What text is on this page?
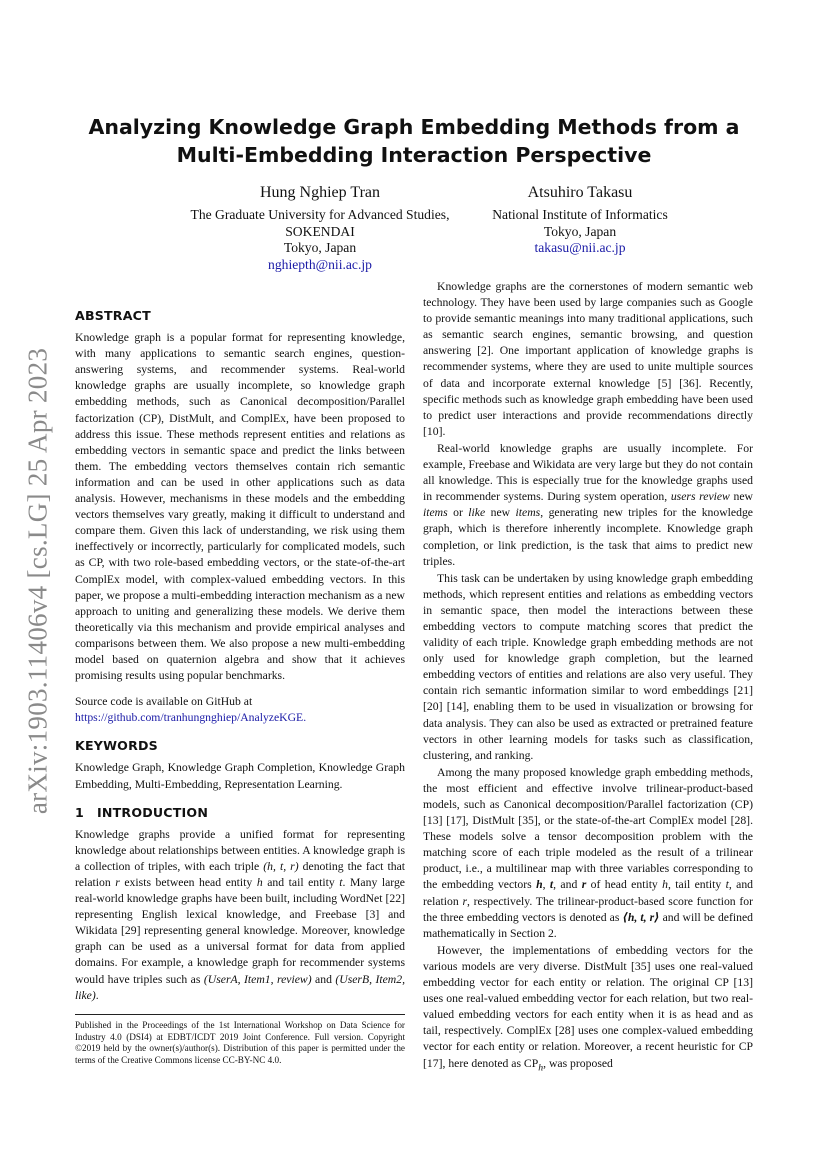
arXiv:1903.11406v4 [cs.LG] 25 Apr 2023
Analyzing Knowledge Graph Embedding Methods from a
Multi-Embedding Interaction Perspective
Hung Nghiep Tran
The Graduate University for Advanced Studies,
SOKENDAI
Tokyo, Japan
nghiepth@nii.ac.jp
Atsuhiro Takasu
National Institute of Informatics
Tokyo, Japan
takasu@nii.ac.jp
ABSTRACT

Knowledge graph is a popular format for representing knowledge, with many applications to semantic search engines, question-answering systems, and recommender systems. Real-world knowledge graphs are usually incomplete, so knowledge graph embedding methods, such as Canonical decomposition/Parallel factorization (CP), DistMult, and ComplEx, have been proposed to address this issue. These methods represent entities and relations as embedding vectors in semantic space and predict the links between them. The embedding vectors themselves contain rich semantic information and can be used in other applications such as data analysis. However, mechanisms in these models and the embedding vectors themselves vary greatly, making it difficult to understand and compare them. Given this lack of understanding, we risk using them ineffectively or incorrectly, particularly for complicated models, such as CP, with two role-based embedding vectors, or the state-of-the-art ComplEx model, with complex-valued embedding vectors. In this paper, we propose a multi-embedding interaction mechanism as a new approach to uniting and generalizing these models. We derive them theoretically via this mechanism and provide empirical analyses and comparisons between them. We also propose a new multi-embedding model based on quaternion algebra and show that it achieves promising results using popular benchmarks.

Source code is available on GitHub at
https://github.com/tranhungnghiep/AnalyzeKGE.

KEYWORDS

Knowledge Graph, Knowledge Graph Completion, Knowledge Graph Embedding, Multi-Embedding, Representation Learning.

1 INTRODUCTION

Knowledge graphs provide a unified format for representing knowledge about relationships between entities. A knowledge graph is a collection of triples, with each triple (h, t, r) denoting the fact that relation r exists between head entity h and tail entity t. Many large real-world knowledge graphs have been built, including WordNet [22] representing English lexical knowledge, and Freebase [3] and Wikidata [29] representing general knowledge. Moreover, knowledge graph can be used as a universal format for data from applied domains. For example, a knowledge graph for recommender systems would have triples such as (UserA, Item1, review) and (UserB, Item2, like).

Published in the Proceedings of the 1st International Workshop on Data Science for Industry 4.0 (DSI4) at EDBT/ICDT 2019 Joint Conference. Full version. Copyright ©2019 held by the owner(s)/author(s). Distribution of this paper is permitted under the terms of the Creative Commons license CC-BY-NC 4.0.

Knowledge graphs are the cornerstones of modern semantic web technology. They have been used by large companies such as Google to provide semantic meanings into many traditional applications, such as semantic search engines, semantic browsing, and question answering [2]. One important application of knowledge graphs is recommender systems, where they are used to unite multiple sources of data and incorporate external knowledge [5] [36]. Recently, specific methods such as knowledge graph embedding have been used to predict user interactions and provide recommendations directly [10].

Real-world knowledge graphs are usually incomplete. For example, Freebase and Wikidata are very large but they do not contain all knowledge. This is especially true for the knowledge graphs used in recommender systems. During system operation, users review new items or like new items, generating new triples for the knowledge graph, which is therefore inherently incomplete. Knowledge graph completion, or link prediction, is the task that aims to predict new triples.

This task can be undertaken by using knowledge graph embedding methods, which represent entities and relations as embedding vectors in semantic space, then model the interactions between these embedding vectors to compute matching scores that predict the validity of each triple. Knowledge graph embedding methods are not only used for knowledge graph completion, but the learned embedding vectors of entities and relations are also very useful. They contain rich semantic information similar to word embeddings [21] [20] [14], enabling them to be used in visualization or browsing for data analysis. They can also be used as extracted or pretrained feature vectors in other learning models for tasks such as classification, clustering, and ranking.

Among the many proposed knowledge graph embedding methods, the most efficient and effective involve trilinear-product-based models, such as Canonical decomposition/Parallel factorization (CP) [13] [17], DistMult [35], or the state-of-the-art ComplEx model [28]. These models solve a tensor decomposition problem with the matching score of each triple modeled as the result of a trilinear product, i.e., a multilinear map with three variables corresponding to the embedding vectors h, t, and r of head entity h, tail entity t, and relation r, respectively. The trilinear-product-based score function for the three embedding vectors is denoted as ⟨h, t, r⟩ and will be defined mathematically in Section 2.

However, the implementations of embedding vectors for the various models are very diverse. DistMult [35] uses one real-valued embedding vector for each entity or relation. The original CP [13] uses one real-valued embedding vector for each relation, but two real-valued embedding vectors for each entity when it is as head and as tail, respectively. ComplEx [28] uses one complex-valued embedding vector for each entity or relation. Moreover, a recent heuristic for CP [17], here denoted as $CP_h$, was proposed
